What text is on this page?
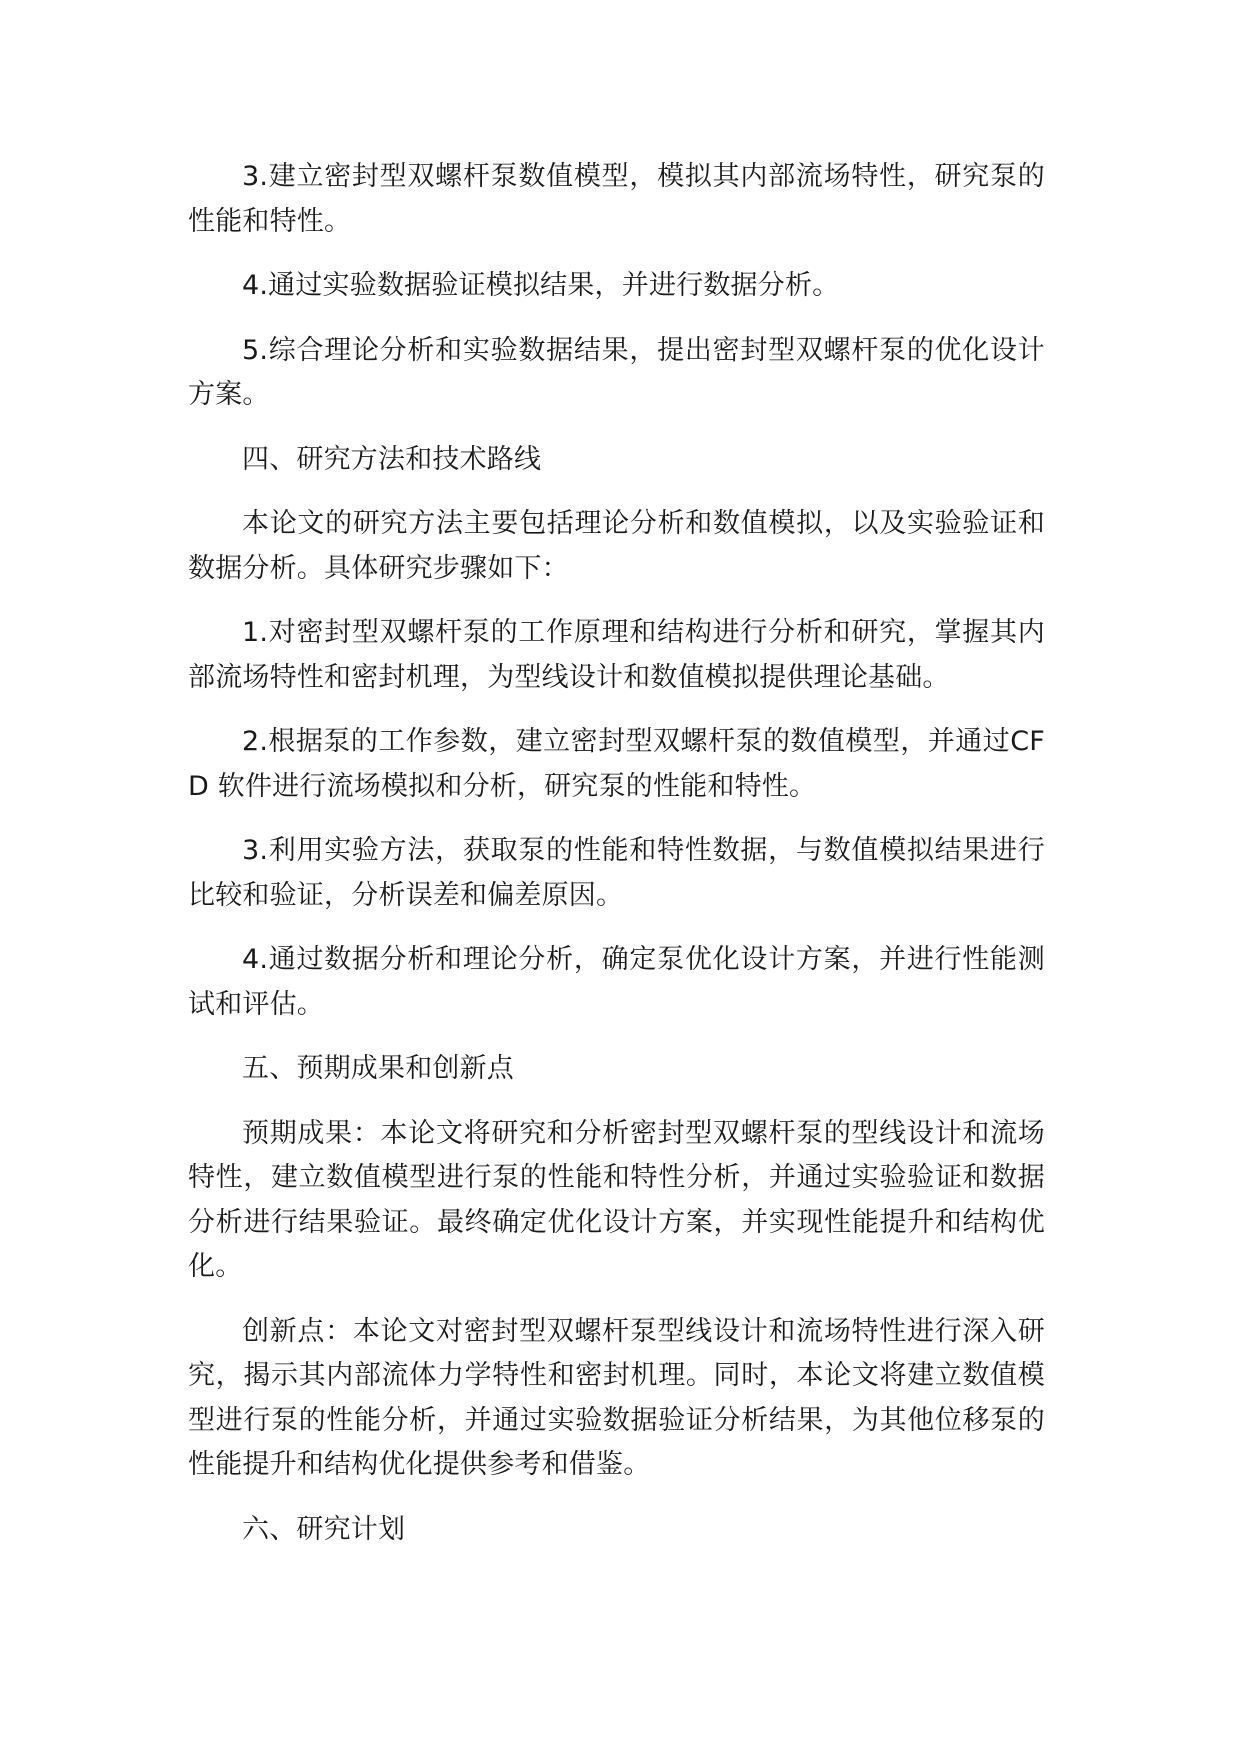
3.建立密封型双螺杆泵数值模型，模拟其内部流场特性，研究泵的性能和特性。

4.通过实验数据验证模拟结果，并进行数据分析。

5.综合理论分析和实验数据结果，提出密封型双螺杆泵的优化设计方案。

四、研究方法和技术路线

本论文的研究方法主要包括理论分析和数值模拟，以及实验验证和数据分析。具体研究步骤如下：

1.对密封型双螺杆泵的工作原理和结构进行分析和研究，掌握其内部流场特性和密封机理，为型线设计和数值模拟提供理论基础。

2.根据泵的工作参数，建立密封型双螺杆泵的数值模型，并通过CFD 软件进行流场模拟和分析，研究泵的性能和特性。

3.利用实验方法，获取泵的性能和特性数据，与数值模拟结果进行比较和验证，分析误差和偏差原因。

4.通过数据分析和理论分析，确定泵优化设计方案，并进行性能测试和评估。

五、预期成果和创新点

预期成果：本论文将研究和分析密封型双螺杆泵的型线设计和流场特性，建立数值模型进行泵的性能和特性分析，并通过实验验证和数据分析进行结果验证。最终确定优化设计方案，并实现性能提升和结构优化。

创新点：本论文对密封型双螺杆泵型线设计和流场特性进行深入研究，揭示其内部流体力学特性和密封机理。同时，本论文将建立数值模型进行泵的性能分析，并通过实验数据验证分析结果，为其他位移泵的性能提升和结构优化提供参考和借鉴。

六、研究计划
